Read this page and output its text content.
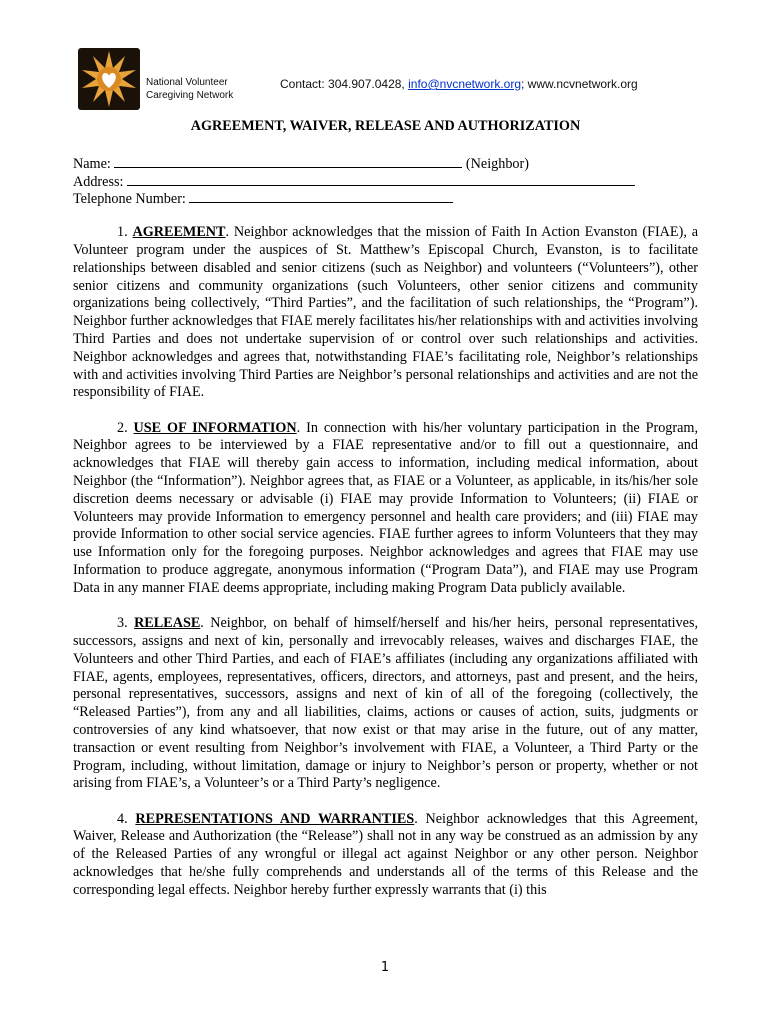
National Volunteer
Caregiving Network
Contact: 304.907.0428, info@nvcnetwork.org; www.ncvnetwork.org
AGREEMENT, WAIVER, RELEASE AND AUTHORIZATION
Name:	(Neighbor)
Address:
Telephone Number:

1. AGREEMENT. Neighbor acknowledges that the mission of Faith In Action Evanston (FIAE), a Volunteer program under the auspices of St. Matthew’s Episcopal Church, Evanston, is to facilitate relationships between disabled and senior citizens (such as Neighbor) and volunteers (“Volunteers”), other senior citizens and community organizations (such Volunteers, other senior citizens and community organizations being collectively, “Third Parties”, and the facilitation of such relationships, the “Program”). Neighbor further acknowledges that FIAE merely facilitates his/her relationships with and activities involving Third Parties and does not undertake supervision of or control over such relationships and activities. Neighbor acknowledges and agrees that, notwithstanding FIAE’s facilitating role, Neighbor’s relationships with and activities involving Third Parties are Neighbor’s personal relationships and activities and are not the responsibility of FIAE.

2. USE OF INFORMATION. In connection with his/her voluntary participation in the Program, Neighbor agrees to be interviewed by a FIAE representative and/or to fill out a questionnaire, and acknowledges that FIAE will thereby gain access to information, including medical information, about Neighbor (the “Information”). Neighbor agrees that, as FIAE or a Volunteer, as applicable, in its/his/her sole discretion deems necessary or advisable (i) FIAE may provide Information to Volunteers; (ii) FIAE or Volunteers may provide Information to emergency personnel and health care providers; and (iii) FIAE may provide Information to other social service agencies. FIAE further agrees to inform Volunteers that they may use Information only for the foregoing purposes. Neighbor acknowledges and agrees that FIAE may use Information to produce aggregate, anonymous information (“Program Data”), and FIAE may use Program Data in any manner FIAE deems appropriate, including making Program Data publicly available.

3. RELEASE. Neighbor, on behalf of himself/herself and his/her heirs, personal representatives, successors, assigns and next of kin, personally and irrevocably releases, waives and discharges FIAE, the Volunteers and other Third Parties, and each of FIAE’s affiliates (including any organizations affiliated with FIAE, agents, employees, representatives, officers, directors, and attorneys, past and present, and the heirs, personal representatives, successors, assigns and next of kin of all of the foregoing (collectively, the “Released Parties”), from any and all liabilities, claims, actions or causes of action, suits, judgments or controversies of any kind whatsoever, that now exist or that may arise in the future, out of any matter, transaction or event resulting from Neighbor’s involvement with FIAE, a Volunteer, a Third Party or the Program, including, without limitation, damage or injury to Neighbor’s person or property, whether or not arising from FIAE’s, a Volunteer’s or a Third Party’s negligence.

4. REPRESENTATIONS AND WARRANTIES. Neighbor acknowledges that this Agreement, Waiver, Release and Authorization (the “Release”) shall not in any way be construed as an admission by any of the Released Parties of any wrongful or illegal act against Neighbor or any other person. Neighbor acknowledges that he/she fully comprehends and understands all of the terms of this Release and the corresponding legal effects. Neighbor hereby further expressly warrants that (i) this

1
